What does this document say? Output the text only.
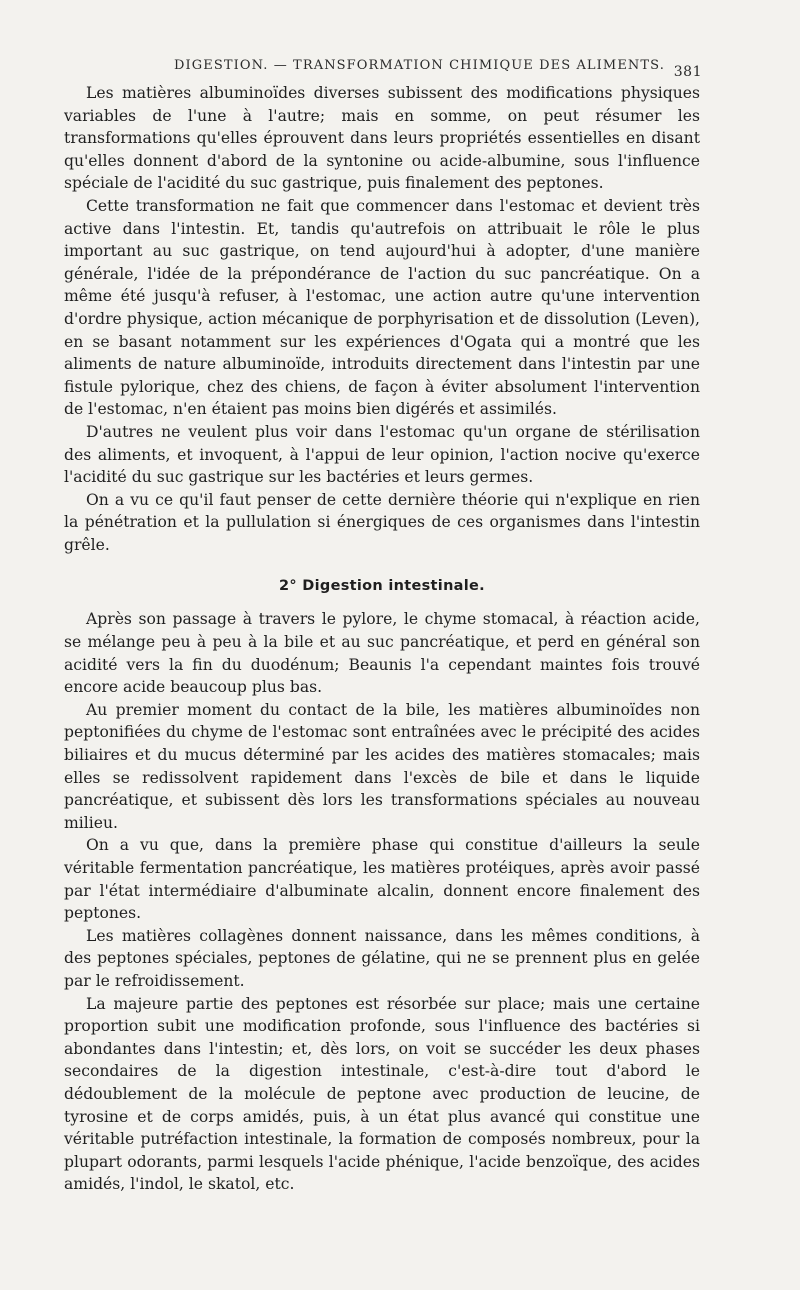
DIGESTION. — TRANSFORMATION CHIMIQUE DES ALIMENTS. 381

Les matières albuminoïdes diverses subissent des modifications physiques variables de l'une à l'autre; mais en somme, on peut résumer les transformations qu'elles éprouvent dans leurs propriétés essentielles en disant qu'elles donnent d'abord de la syntonine ou acide-albumine, sous l'influence spéciale de l'acidité du suc gastrique, puis finalement des peptones.

Cette transformation ne fait que commencer dans l'estomac et devient très active dans l'intestin. Et, tandis qu'autrefois on attribuait le rôle le plus important au suc gastrique, on tend aujourd'hui à adopter, d'une manière générale, l'idée de la prépondérance de l'action du suc pancréatique. On a même été jusqu'à refuser, à l'estomac, une action autre qu'une intervention d'ordre physique, action mécanique de porphyrisation et de dissolution (Leven), en se basant notamment sur les expériences d'Ogata qui a montré que les aliments de nature albuminoïde, introduits directement dans l'intestin par une fistule pylorique, chez des chiens, de façon à éviter absolument l'intervention de l'estomac, n'en étaient pas moins bien digérés et assimilés.

D'autres ne veulent plus voir dans l'estomac qu'un organe de stérilisation des aliments, et invoquent, à l'appui de leur opinion, l'action nocive qu'exerce l'acidité du suc gastrique sur les bactéries et leurs germes.

On a vu ce qu'il faut penser de cette dernière théorie qui n'explique en rien la pénétration et la pullulation si énergiques de ces organismes dans l'intestin grêle.

2° Digestion intestinale.

Après son passage à travers le pylore, le chyme stomacal, à réaction acide, se mélange peu à peu à la bile et au suc pancréatique, et perd en général son acidité vers la fin du duodénum; Beaunis l'a cependant maintes fois trouvé encore acide beaucoup plus bas.

Au premier moment du contact de la bile, les matières albuminoïdes non peptonifiées du chyme de l'estomac sont entraînées avec le précipité des acides biliaires et du mucus déterminé par les acides des matières stomacales; mais elles se redissolvent rapidement dans l'excès de bile et dans le liquide pancréatique, et subissent dès lors les transformations spéciales au nouveau milieu.

On a vu que, dans la première phase qui constitue d'ailleurs la seule véritable fermentation pancréatique, les matières protéiques, après avoir passé par l'état intermédiaire d'albuminate alcalin, donnent encore finalement des peptones.

Les matières collagènes donnent naissance, dans les mêmes conditions, à des peptones spéciales, peptones de gélatine, qui ne se prennent plus en gelée par le refroidissement.

La majeure partie des peptones est résorbée sur place; mais une certaine proportion subit une modification profonde, sous l'influence des bactéries si abondantes dans l'intestin; et, dès lors, on voit se succéder les deux phases secondaires de la digestion intestinale, c'est-à-dire tout d'abord le dédoublement de la molécule de peptone avec production de leucine, de tyrosine et de corps amidés, puis, à un état plus avancé qui constitue une véritable putréfaction intestinale, la formation de composés nombreux, pour la plupart odorants, parmi lesquels l'acide phénique, l'acide benzoïque, des acides amidés, l'indol, le skatol, etc.
